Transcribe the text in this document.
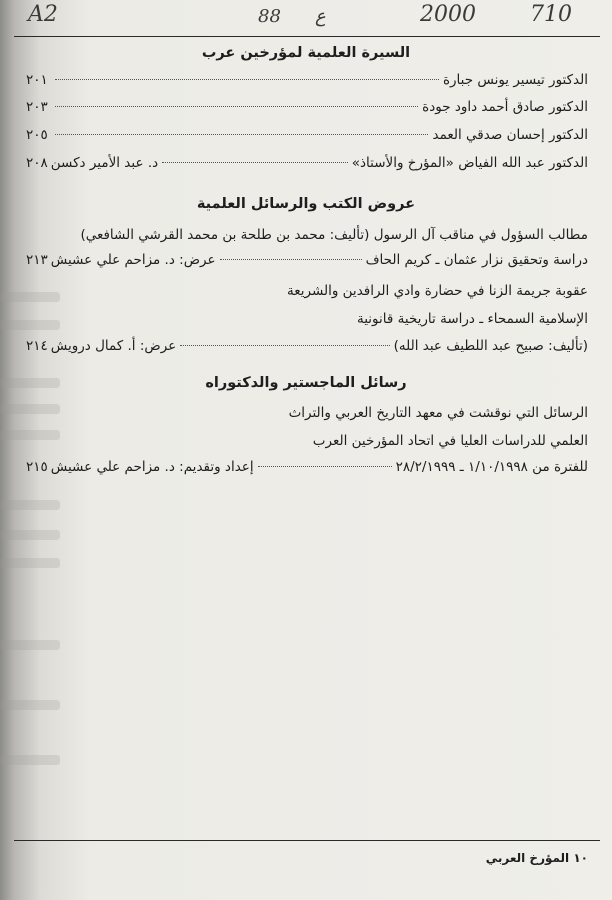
A2	88 ع	2000 710
السيرة العلمية لمؤرخين عرب
الدكتور تيسير يونس جبارة
٢٠١
الدكتور صادق أحمد داود جودة
٢٠٣
الدكتور إحسان صدقي العمد
٢٠٥
الدكتور عبد الله الفياض «المؤرخ والأستاذ»
د. عبد الأمير دكسن
٢٠٨
عروض الكتب والرسائل العلمية
مطالب السؤول في مناقب آل الرسول (تأليف: محمد بن طلحة بن محمد القرشي الشافعي)
دراسة وتحقيق نزار عثمان ـ كريم الحاف
عرض: د. مزاحم علي عشيش
٢١٣
عقوبة جريمة الزنا في حضارة وادي الرافدين والشريعة
الإسلامية السمحاء ـ دراسة تاريخية قانونية
(تأليف: صبيح عبد اللطيف عبد الله)
عرض: أ. كمال درويش
٢١٤
رسائل الماجستير والدكتوراه
الرسائل التي نوقشت في معهد التاريخ العربي والتراث
العلمي للدراسات العليا في اتحاد المؤرخين العرب
للفترة من ١/١٠/١٩٩٨ ـ ٢٨/٢/١٩٩٩
إعداد وتقديم: د. مزاحم علي عشيش
٢١٥
١٠ المؤرخ العربي
